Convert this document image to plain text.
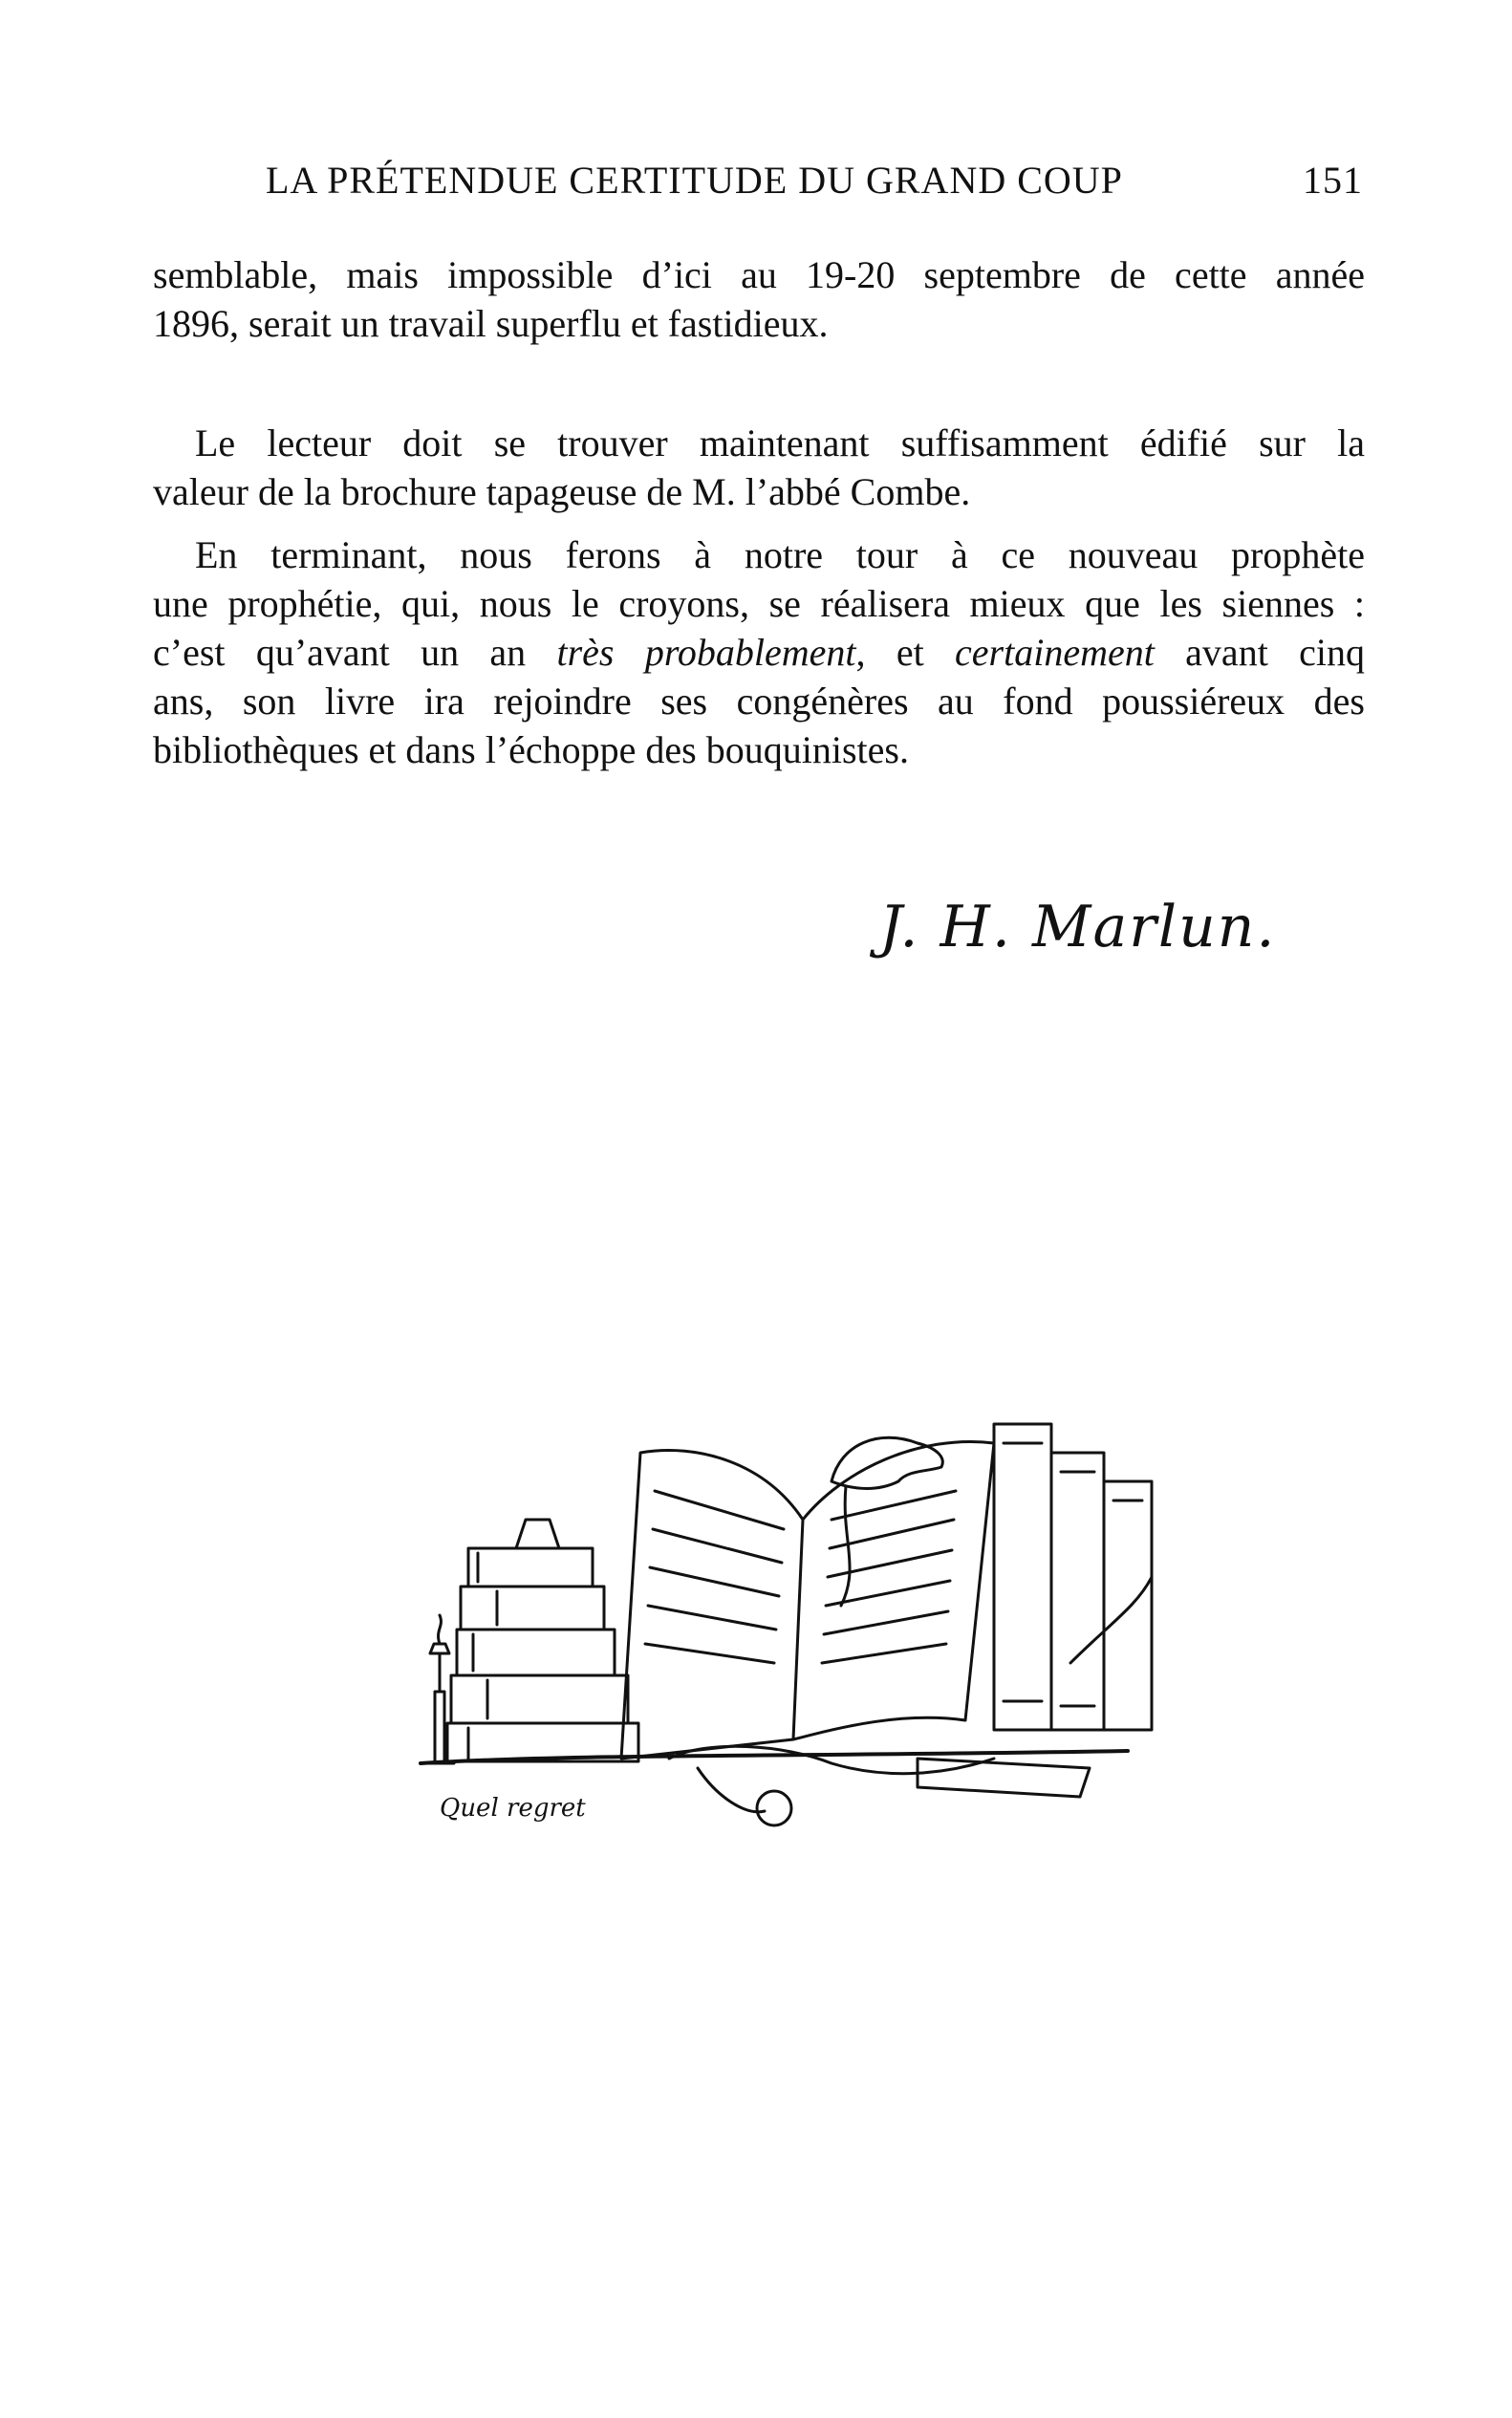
LA PRÉTENDUE CERTITUDE DU GRAND COUP	151
semblable, mais impossible d’ici au 19-20 septembre de cette année
1896, serait un travail superflu et fastidieux.
Le lecteur doit se trouver maintenant suffisamment édifié sur la
valeur de la brochure tapageuse de M. l’abbé Combe.
En terminant, nous ferons à notre tour à ce nouveau prophète
une prophétie, qui, nous le croyons, se réalisera mieux que les siennes :
c’est qu’avant un an très probablement, et certainement avant cinq
ans, son livre ira rejoindre ses congénères au fond poussiéreux des
bibliothèques et dans l’échoppe des bouquinistes.
J. H. Marlun.
Quel regret
